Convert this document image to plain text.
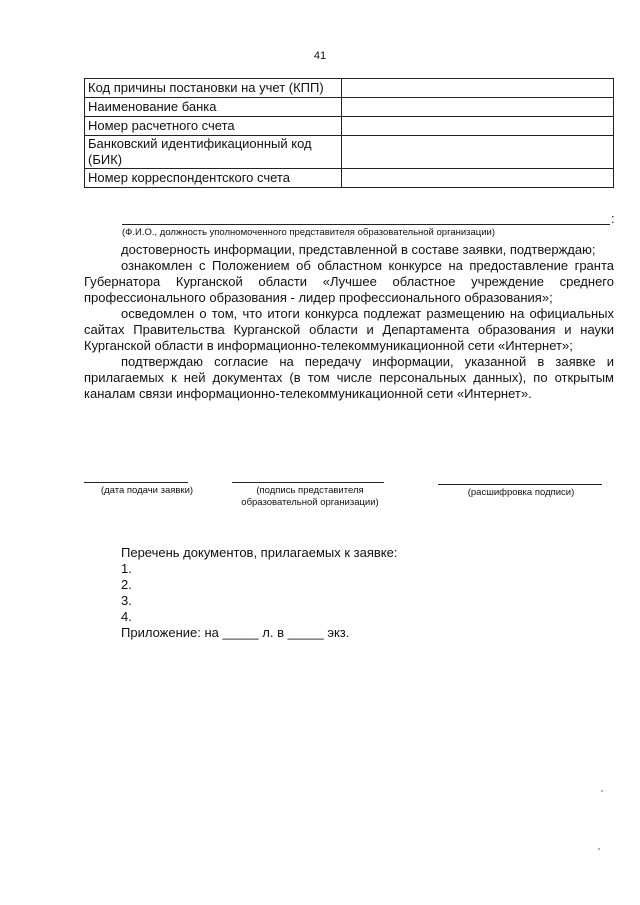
41
Код причины постановки на учет (КПП)	
Наименование банка	
Номер расчетного счета	
Банковский идентификационный код (БИК)	
Номер корреспондентского счета	
:
(Ф.И.О., должность уполномоченного представителя образовательной организации)

достоверность информации, представленной в составе заявки, подтверждаю;

ознакомлен с Положением об областном конкурсе на предоставление гранта Губернатора Курганской области «Лучшее областное учреждение среднего профессионального образования - лидер профессионального образования»;

осведомлен о том, что итоги конкурса подлежат размещению на официальных сайтах Правительства Курганской области и Департамента образования и науки Курганской области в информационно-телекоммуникационной сети «Интернет»;

подтверждаю согласие на передачу информации, указанной в заявке и прилагаемых к ней документах (в том числе персональных данных), по открытым каналам связи информационно-телекоммуникационной сети «Интернет».

(дата подачи заявки)	(подпись представителя
образовательной организации)
(расшифровка подписи)
Перечень документов, прилагаемых к заявке:
1.
2.
3.
4.
Приложение: на _____ л. в _____ экз.
